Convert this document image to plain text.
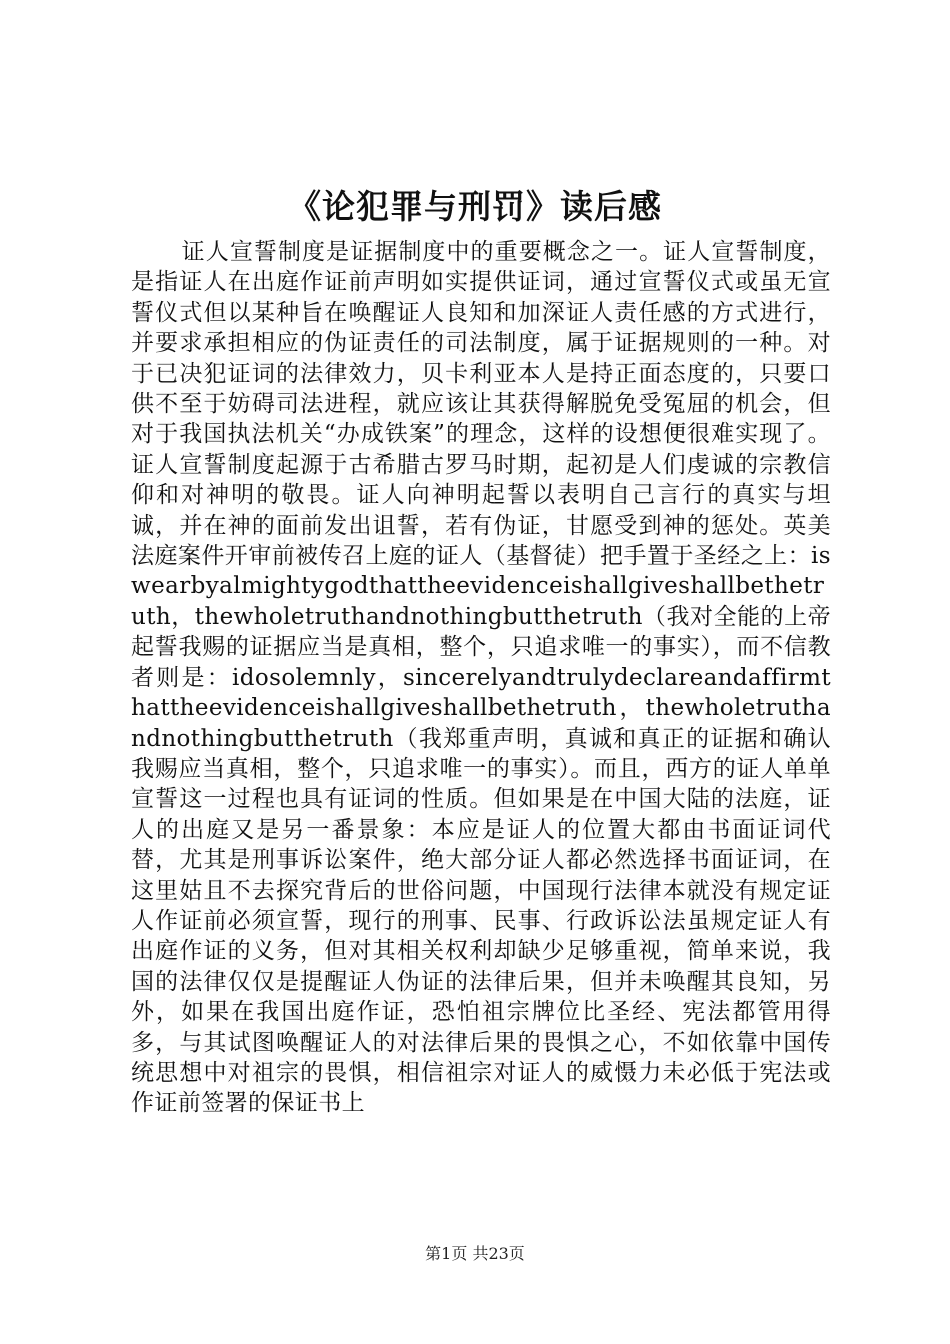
《论犯罪与刑罚》读后感

证人宣誓制度是证据制度中的重要概念之一。证人宣誓制度，是指证人在出庭作证前声明如实提供证词，通过宣誓仪式或虽无宣誓仪式但以某种旨在唤醒证人良知和加深证人责任感的方式进行，并要求承担相应的伪证责任的司法制度，属于证据规则的一种。对于已决犯证词的法律效力，贝卡利亚本人是持正面态度的，只要口供不至于妨碍司法进程，就应该让其获得解脱免受冤屈的机会，但对于我国执法机关“办成铁案”的理念，这样的设想便很难实现了。证人宣誓制度起源于古希腊古罗马时期，起初是人们虔诚的宗教信仰和对神明的敬畏。证人向神明起誓以表明自己言行的真实与坦诚，并在神的面前发出诅誓，若有伪证，甘愿受到神的惩处。英美法庭案件开审前被传召上庭的证人（基督徒）把手置于圣经之上：iswearbyalmightygodthattheevidenceishallgiveshallbethetruth，thewholetruthandnothingbutthetruth（我对全能的上帝起誓我赐的证据应当是真相，整个，只追求唯一的事实），而不信教者则是：idosolemnly，sincerelyandtrulydeclareandaffirmthattheevidenceishallgiveshallbethetruth，thewholetruthandnothingbutthetruth（我郑重声明，真诚和真正的证据和确认我赐应当真相，整个，只追求唯一的事实）。而且，西方的证人单单宣誓这一过程也具有证词的性质。但如果是在中国大陆的法庭，证人的出庭又是另一番景象：本应是证人的位置大都由书面证词代替，尤其是刑事诉讼案件，绝大部分证人都必然选择书面证词，在这里姑且不去探究背后的世俗问题，中国现行法律本就没有规定证人作证前必须宣誓，现行的刑事、民事、行政诉讼法虽规定证人有出庭作证的义务，但对其相关权利却缺少足够重视，简单来说，我国的法律仅仅是提醒证人伪证的法律后果，但并未唤醒其良知，另外，如果在我国出庭作证，恐怕祖宗牌位比圣经、宪法都管用得多，与其试图唤醒证人的对法律后果的畏惧之心，不如依靠中国传统思想中对祖宗的畏惧，相信祖宗对证人的威慑力未必低于宪法或作证前签署的保证书上

第1页 共23页
